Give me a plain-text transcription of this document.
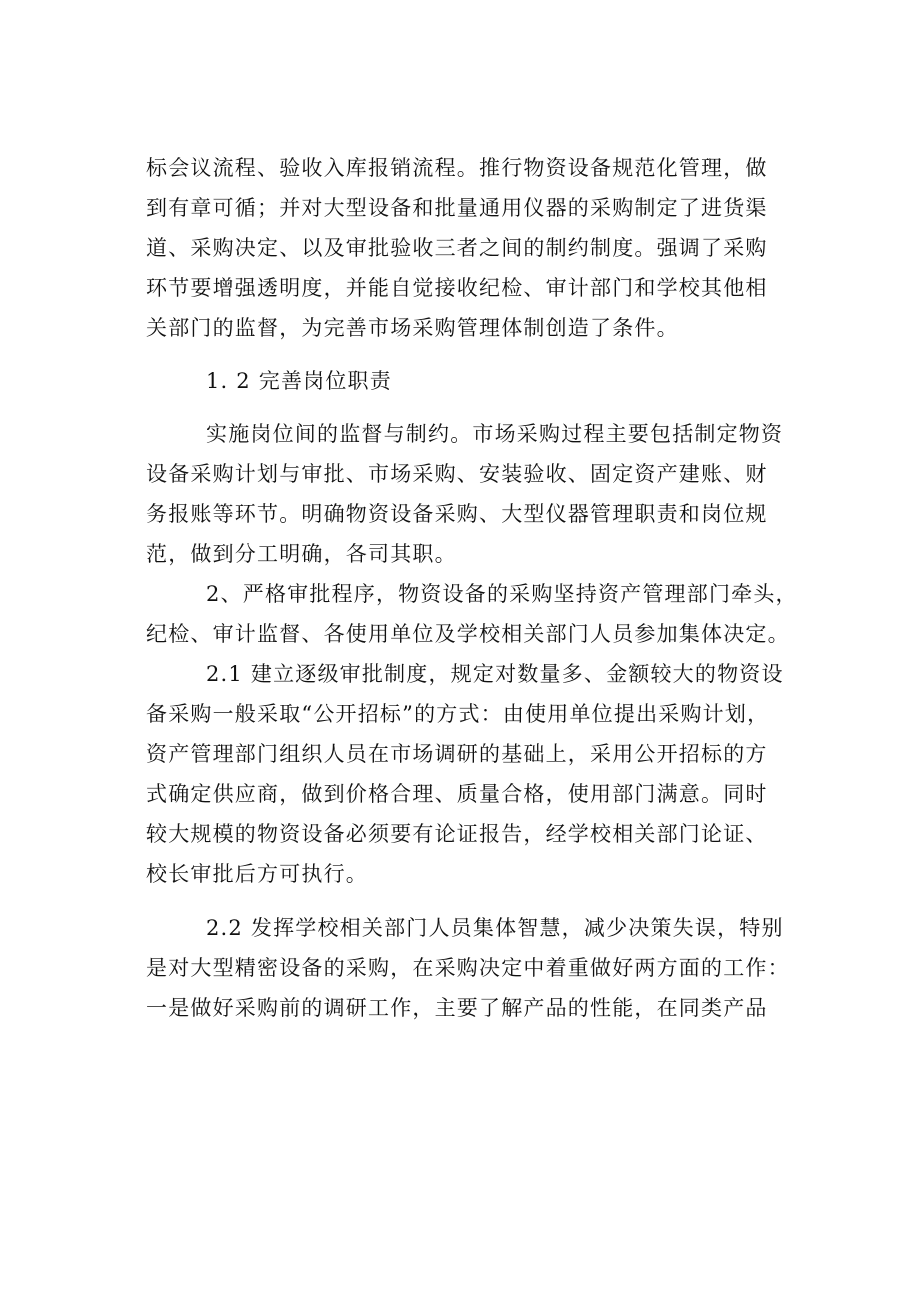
标会议流程、验收入库报销流程。推行物资设备规范化管理，做
到有章可循；并对大型设备和批量通用仪器的采购制定了进货渠
道、采购决定、以及审批验收三者之间的制约制度。强调了采购
环节要增强透明度，并能自觉接收纪检、审计部门和学校其他相
关部门的监督，为完善市场采购管理体制创造了条件。
1. 2 完善岗位职责
实施岗位间的监督与制约。市场采购过程主要包括制定物资
设备采购计划与审批、市场采购、安装验收、固定资产建账、财
务报账等环节。明确物资设备采购、大型仪器管理职责和岗位规
范，做到分工明确，各司其职。
2、严格审批程序，物资设备的采购坚持资产管理部门牵头，
纪检、审计监督、各使用单位及学校相关部门人员参加集体决定。
2.1 建立逐级审批制度，规定对数量多、金额较大的物资设
备采购一般采取“公开招标”的方式：由使用单位提出采购计划，
资产管理部门组织人员在市场调研的基础上，采用公开招标的方
式确定供应商，做到价格合理、质量合格，使用部门满意。同时
较大规模的物资设备必须要有论证报告，经学校相关部门论证、
校长审批后方可执行。
2.2 发挥学校相关部门人员集体智慧，减少决策失误，特别
是对大型精密设备的采购，在采购决定中着重做好两方面的工作：
一是做好采购前的调研工作，主要了解产品的性能，在同类产品
